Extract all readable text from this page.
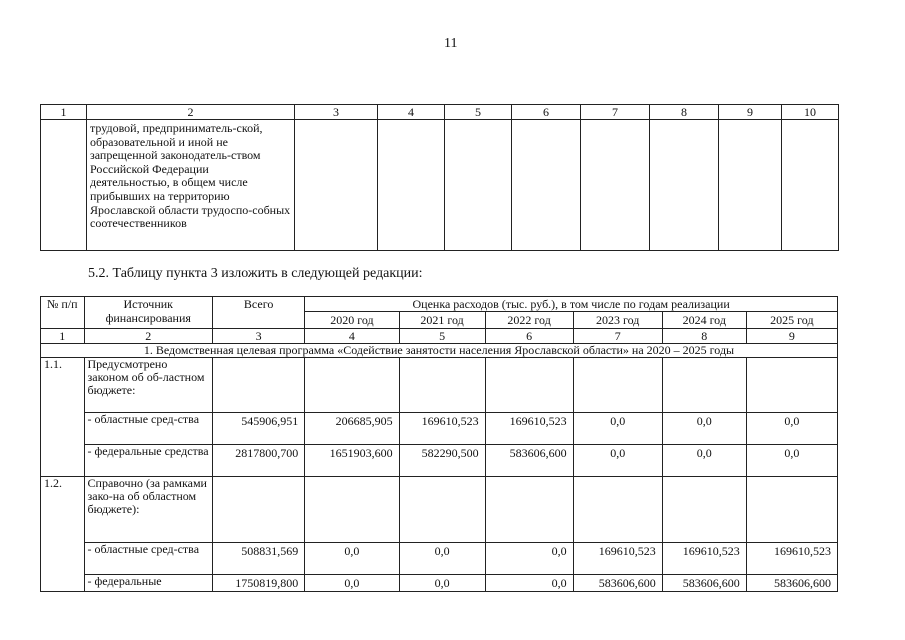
11
1	2	3	4	5	6	7	8	9	10
	трудовой, предприниматель-ской, образовательной и иной не запрещенной законодатель-ством Российской Федерации деятельностью, в общем числе прибывших на территорию Ярославской области трудоспо-собных соотечественников								
5.2. Таблицу пункта 3 изложить в следующей редакции:
№ п/п	Источник финансирования	Всего	Оценка расходов (тыс. руб.), в том числе по годам реализации					
			2020 год	2021 год	2022 год	2023 год	2024 год	2025 год
1	2	3	4	5	6	7	8	9
1. Ведомственная целевая программа «Содействие занятости населения Ярославской области» на 2020 – 2025 годы								
1.1.	Предусмотрено законом об об-ластном бюджете:							
	- областные сред-ства	545906,951	206685,905	169610,523	169610,523	0,0	0,0	0,0
	- федеральные средства	2817800,700	1651903,600	582290,500	583606,600	0,0	0,0	0,0
1.2.	Справочно (за рамками зако-на об областном бюджете):							
	- областные сред-ства	508831,569	0,0	0,0	0,0	169610,523	169610,523	169610,523
	- федеральные	1750819,800	0,0	0,0	0,0	583606,600	583606,600	583606,600
